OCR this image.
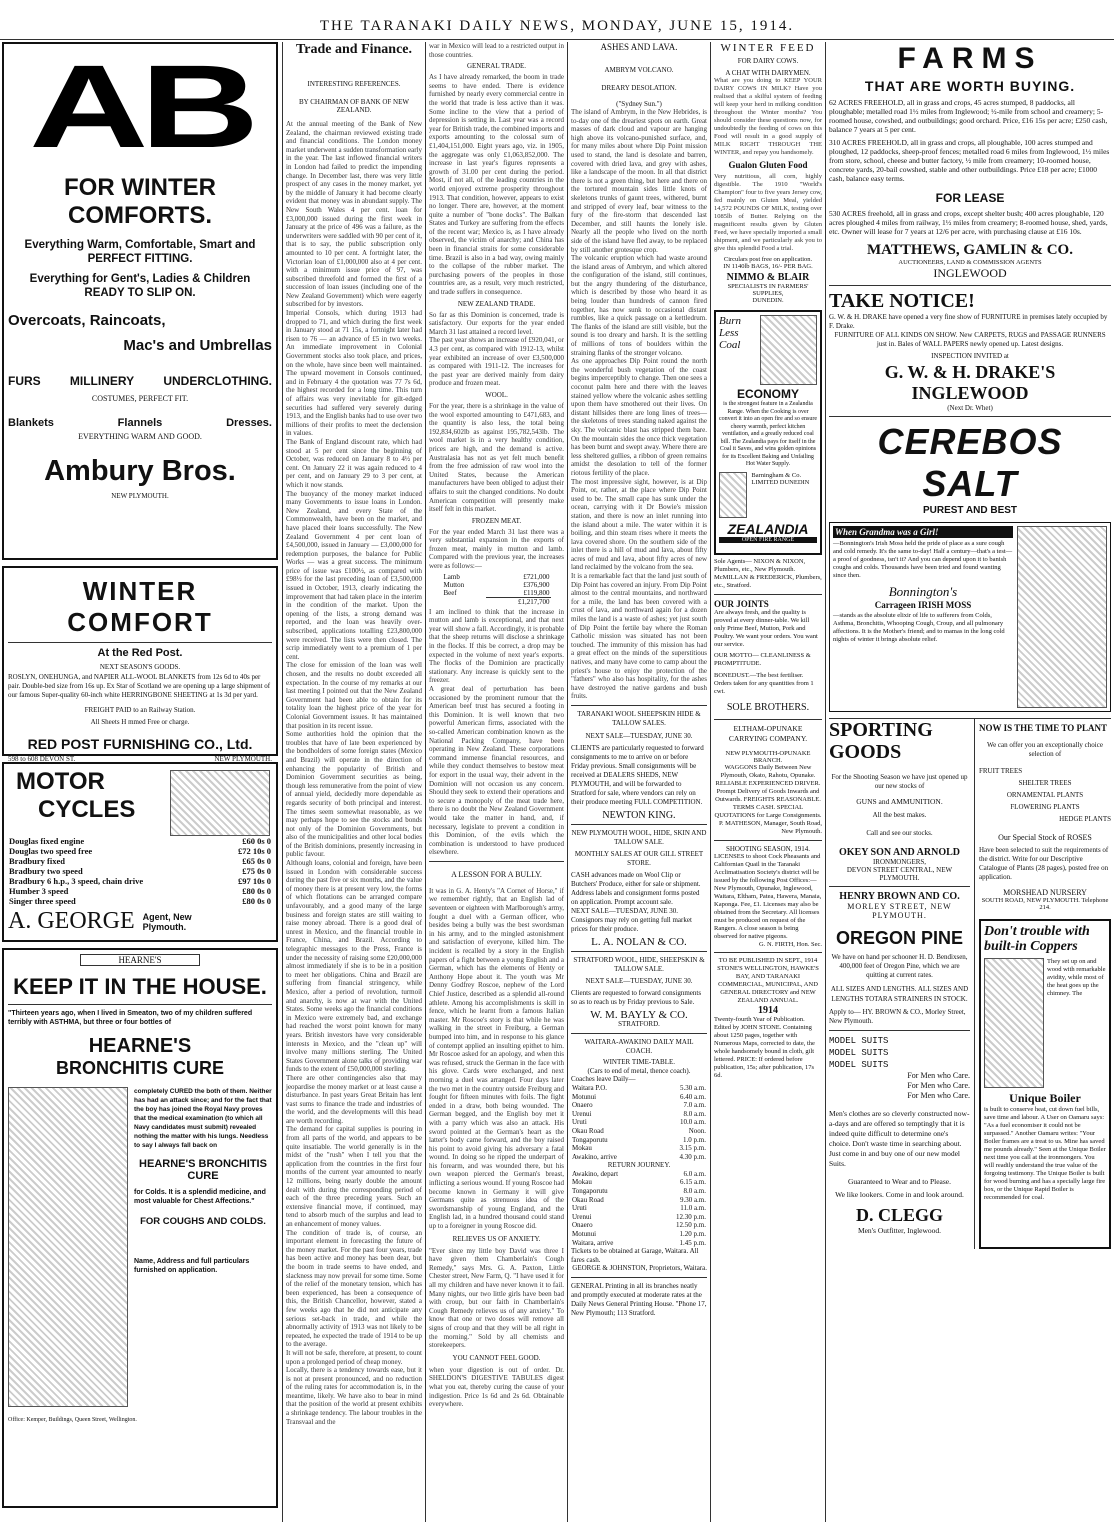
THE TARANAKI DAILY NEWS, MONDAY, JUNE 15, 1914.
AB
FOR WINTER COMFORTS.
Everything Warm, Comfortable, Smart and PERFECT FITTING.
Everything for Gent's, Ladies & Children READY TO SLIP ON.
Overcoats, Raincoats,
Mac's and Umbrellas
FURS MILLINERY UNDERCLOTHING.
COSTUMES, PERFECT FIT.
Blankets	Flannels	Dresses.
EVERYTHING WARM AND GOOD.
Ambury Bros.
NEW PLYMOUTH.
WINTER COMFORT
At the Red Post.
NEXT SEASON'S GOODS.
ROSLYN, ONEHUNGA, and NAPIER ALL-WOOL BLANKETS from 12s 6d to 40s per pair. Double-bed size from 16s up. Ex Star of Scotland we are opening up a large shipment of our famous Super-quality 60-inch white HERRINGBONE SHEETING at 1s 3d per yard.
FREIGHT PAID to an Railway Station.
All Sheets H mmed Free or charge.
RED POST FURNISHING CO., Ltd.
598 to 608 DEVON ST.	NEW PLYMOUTH.
MOTOR
CYCLES
Douglas fixed engine	£60 0s 0
Douglas two speed free	£72 10s 0
Bradbury fixed	£65 0s 0
Bradbury two speed	£75 0s 0
Bradbury 6 h.p., 3 speed, chain drive	£97 10s 0
Humber 3 speed	£80 0s 0
Singer three speed	£80 0s 0
A. GEORGE Agent, New Plymouth.
HEARNE'S
KEEP IT IN THE HOUSE.
"Thirteen years ago, when I lived in Smeaton, two of my children suffered terribly with ASTHMA, but three or four bottles of
HEARNE'S
BRONCHITIS CURE
completely CURED the both of them. Neither has had an attack since; and for the fact that the boy has joined the Royal Navy proves that the medical examination (to which all Navy candidates must submit) revealed nothing the matter with his lungs. Needless to say I always fall back on
HEARNE'S BRONCHITIS CURE
for Colds. It is a splendid medicine, and most valuable for Chest Affections."
FOR COUGHS AND COLDS.
Name, Address and full particulars furnished on application.
Office: Kemper, Buildings, Queen Street, Wellington.
Trade and Finance.
INTERESTING REFERENCES.
BY CHAIRMAN OF BANK OF NEW ZEALAND.
At the annual meeting of the Bank of New Zealand, the chairman reviewed existing trade and financial conditions. The London money market underwent a sudden transformation early in the year. The last inflowed financial writers in London had failed to predict the impending change. In December last, there was very little prospect of any cases in the money market, yet by the middle of January it had become clearly evident that money was in abundant supply. The New South Wales 4 per cent. loan for £3,000,000 issued during the first week in January at the price of 496 was a failure, as the underwriters were saddled with 90 per cent of it, that is to say, the public subscription only amounted to 10 per cent. A fortnight later, the Victorian loan of £1,000,000 also at 4 per cent. with a minimum issue price of 97, was subscribed threefold and formed the first of a succession of loan issues (including one of the New Zealand Government) which were eagerly subscribed for by investors.
Imperial Consols, which during 1913 had dropped to 71, and which during the first week in January stood at 71 15s, a fortnight later had risen to 76 — an advance of £5 in two weeks. An immediate improvement in Colonial Government stocks also took place, and prices, on the whole, have since been well maintained. The upward movement in Consols continued, and in February 4 the quotation was 77 7s 6d, the highest recorded for a long time. This turn of affairs was very inevitable for gilt-edged securities had suffered very severely during 1913, and the English banks had to use over two millions of their profits to meet the declension in values.
The Bank of England discount rate, which had stood at 5 per cent since the beginning of October, was reduced on January 8 to 4½ per cent. On January 22 it was again reduced to 4 per cent, and on January 29 to 3 per cent, at which it now stands.
The buoyancy of the money market induced many Governments to issue loans in London. New Zealand, and every State of the Commonwealth, have been on the market, and have placed their loans successfully. The New Zealand Government 4 per cent loan of £4,500,000, issued in January — £3,000,000 for redemption purposes, the balance for Public Works — was a great success. The minimum price of issue was £100½, as compared with £98½ for the last preceding loan of £3,500,000 issued in October, 1913, clearly indicating the improvement that had taken place in the interim in the condition of the market. Upon the opening of the lists, a strong demand was reported, and the loan was heavily over-subscribed, applications totalling £23,800,000 were received. The lists were then closed. The scrip immediately went to a premium of 1 per cent.
The close for emission of the loan was well chosen, and the results no doubt exceeded all expectation. In the course of my remarks at our last meeting I pointed out that the New Zealand Government had been able to obtain for its totality loan the highest price of the year for Colonial Government issues. It has maintained that position in its recent issue.
Some authorities hold the opinion that the troubles that have of late been experienced by the bondholders of some foreign states (Mexico and Brazil) will operate in the direction of enhancing the popularity of British and Dominion Government securities as being, though less remunerative from the point of view of annual yield, decidedly more dependable as regards security of both principal and interest. The times seem somewhat reasonable, as we may perhaps hope to see the stocks and bonds not only of the Dominion Governments, but also of the municipalities and other local bodies of the British dominions, presently increasing in public favour.
Although loans, colonial and foreign, have been issued in London with considerable success during the past five or six months, and the value of money there is at present very low, the forms of which flotations can be arranged compare unfavourably, and a good many of the large business and foreign states are still waiting to raise money abroad. There is a good deal of unrest in Mexico, and the financial trouble in France, China, and Brazil. According to telegraphic messages to the Press, France is under the necessity of raising some £20,000,000 almost immediately if she is to be in a position to meet her obligations. China and Brazil are suffering from financial stringency, while Mexico, after a period of revolution, turmoil and anarchy, is now at war with the United States. Some weeks ago the financial conditions in Mexico were extremely bad, and exchange had reached the worst point known for many years. British investors have very considerable interests in Mexico, and the "clean up" will involve many millions sterling. The United States Government alone talks of providing war funds to the extent of £50,000,000 sterling.
There are other contingencies also that may jeopardise the money market or at least cause a disturbance. In past years Great Britain has lent vast sums to finance the trade and industries of the world, and the developments will this head are worth recording.
The demand for capital supplies is pouring in from all parts of the world, and appears to be quite insatiable. The world generally is in the midst of the "rush" when I tell you that the application from the countries in the first four months of the current year amounted to nearly 12 millions, being nearly double the amount dealt with during the corresponding period of each of the three preceding years. Such an extensive financial move, if continued, may tend to absorb much of the surplus and lead to an enhancement of money values.
The condition of trade is, of course, an important element in forecasting the future of the money market. For the past four years, trade has been active and money has been dear, but the boom in trade seems to have ended, and slackness may now prevail for some time. Some of the relief of the monetary tension, which has been experienced, has been a consequence of this, the British Chancellor, however, stated a few weeks ago that he did not anticipate any serious set-back in trade, and while the abnormally activity of 1913 was not likely to be repeated, he expected the trade of 1914 to be up to the average.
It will not be safe, therefore, at present, to count upon a prolonged period of cheap money.
Locally, there is a tendency towards ease, but it is not at present pronounced, and no reduction of the ruling rates for accommodation is, in the meantime, likely. We have also to bear in mind that the position of the world at present exhibits a shrinkage tendency. The labour troubles in the Transvaal and the
war in Mexico will lead to a restricted output in those countries.
GENERAL TRADE.
As I have already remarked, the boom in trade seems to have ended. There is evidence furnished by nearly every commercial centre in the world that trade is less active than it was. Some incline to the view that a period of depression is setting in. Last year was a record year for British trade, the combined imports and exports amounting to the colossal sum of £1,404,151,000. Eight years ago, viz. in 1905, the aggregate was only £1,063,852,000. The increase in last year's figures represents a growth of 31.00 per cent during the period. Most, if not all, of the leading countries in the world enjoyed extreme prosperity throughout 1913. That condition, however, appears to exist no longer. There are, however, at the moment quite a number of "bone docks". The Balkan States and Turkey are suffering from the effects of the recent war; Mexico is, as I have already observed, the victim of anarchy; and China has been in financial straits for some considerable time. Brazil is also in a bad way, owing mainly to the collapse of the rubber market. The purchasing powers of the peoples in those countries are, as a result, very much restricted, and trade suffers in consequence.
NEW ZEALAND TRADE.
So far as this Dominion is concerned, trade is satisfactory. Our exports for the year ended March 31 last attained a record level.
The past year shows an increase of £920,041, or 4.3 per cent, as compared with 1912-13, whilst year exhibited an increase of over £3,500,000 as compared with 1911-12. The increases for the past year are derived mainly from dairy produce and frozen meat.
WOOL.
For the year, there is a shrinkage in the value of the wool exported amounting to £471,683, and the quantity is also less, the total being 192,834,602lb as against 195,782,543lb. The wool market is in a very healthy condition, prices are high, and the demand is active. Australasia has not as yet felt much benefit from the free admission of raw wool into the United States, because the American manufacturers have been obliged to adjust their affairs to suit the changed conditions. No doubt American competition will presently make itself felt in this market.
FROZEN MEAT.
For the year ended March 31 last there was a very substantial expansion in the exports of frozen meat, mainly in mutton and lamb. Compared with the previous year, the increases were as follows:—
Lamb	£721,000
Mutton	£376,900
Beef	£119,800
	£1,217,700
I am inclined to think that the increase in mutton and lamb is exceptional, and that next year will show a fall. Accordingly, it is probable that the sheep returns will disclose a shrinkage in the flocks. If this be correct, a drop may be expected in the volume of next year's exports. The flocks of the Dominion are practically stationary. Any increase is quickly sent to the freezer.
A great deal of perturbation has been occasioned by the prominent rumour that the American beef trust has secured a footing in this Dominion. It is well known that two powerful American firms, associated with the so-called American combination known as the National Packing Company, have been operating in New Zealand. These corporations command immense financial resources, and while they conduct themselves to bestow meat for export in the usual way, their advent in the Dominion will not occasion us any concern. Should they seek to extend their operations and to secure a monopoly of the meat trade here, there is no doubt the New Zealand Government would take the matter in hand, and, if necessary, legislate to prevent a condition in this Dominion, of the evils which the combination is understood to have produced elsewhere.
A LESSON FOR A BULLY.
It was in G. A. Henty's "A Cornet of Horse," if we remember rightly, that an English lad of seventeen or eighteen with Marlborough's army, fought a duel with a German officer, who besides being a bully was the best swordsman in his army, and to the mingled astonishment and satisfaction of everyone, killed him. The incident is recalled by a story in the English papers of a fight between a young English and a German, which has the elements of Henty or Anthony Hope about it. The youth was Mr Denny Godfrey Roscoe, nephew of the Lord Chief Justice, described as a splendid all-round athlete. Among his accomplishments is skill in fence, which he learnt from a famous Italian master. Mr Roscoe's story is that while he was walking in the street in Freiburg, a German bumped into him, and in response to his glance of contempt applied an insulting epithet to him. Mr Roscoe asked for an apology, and when this was refused, struck the German in the face with his glove. Cards were exchanged, and next morning a duel was arranged. Four days later the two met in the country outside Freiburg and fought for fifteen minutes with foils. The fight ended in a draw, both being wounded. The German begged, and the English boy met it with a parry which was also an attack. His sword pointed at the German's heart as the latter's body came forward, and the boy raised his point to avoid giving his adversary a fatal wound. In doing so he ripped the underpart of his forearm, and was wounded there, but his own weapon pierced the German's breast, inflicting a serious wound. If young Roscoe had become known in Germany it will give Germans quite as strenuous idea of the swordsmanship of young England, and the English lad, in a hundred thousand could stand up to a foreigner in young Roscoe did.
RELIEVES US OF ANXIETY.
"Ever since my little boy David was three I have given them Chamberlain's Cough Remedy," says Mrs. G. A. Paxton, Little Chester street, New Farm, Q. "I have used it for all my children and have never known it to fail. Many nights, our two little girls have been bad with croup, but our faith in Chamberlain's Cough Remedy relieves us of any anxiety." To know that one or two doses will remove all signs of croup and that they will be all right in the morning." Sold by all chemists and storekeepers.
YOU CANNOT FEEL GOOD.
when your digestion is out of order. Dr. SHELDON'S DIGESTIVE TABULES digest what you eat, thereby curing the cause of your indigestion. Price 1s 6d and 2s 6d. Obtainable everywhere.
ASHES AND LAVA.
AMBRYM VOLCANO.
DREARY DESOLATION.
("Sydney Sun.")
The island of Ambrym, in the New Hebrides, is to-day one of the dreariest spots on earth. Great masses of dark cloud and vapour are hanging high above its volcano-punished surface, and, for many miles about where Dip Point mission used to stand, the land is desolate and barren, covered with dried lava, and grey with ashes, like a landscape of the moon. In all that district there is not a green thing, but here and there on the tortured mountain sides little knots of skeletons trunks of gaunt trees, withered, burnt and stripped of every leaf, bear witness to the fury of the fire-storm that descended last December, and still haunts the lonely isle. Nearly all the people who lived on the north side of the island have fled away, to be replaced by still another grotesque crop.
The volcanic eruption which had waste around the island areas of Ambrym, and which altered the configuration of the island, still continues, but the angry thundering of the disturbance, which is described by those who heard it as being louder than hundreds of cannon fired together, has now sunk to occasional distant rumbles, like a quick passage on a kettledrum. The flanks of the island are still visible, but the sound is too dreary and harsh. It is the settling of millions of tons of boulders within the straining flanks of the stronger volcano.
As one approaches Dip Point round the north the wonderful bush vegetation of the coast begins imperceptibly to change. Then one sees a coconut palm here and there with the leaves stained yellow where the volcanic ashes settling upon them have smothered out their lives. On distant hillsides there are long lines of trees—the skeletons of trees standing naked against the sky. The volcanic blast has stripped them bare. On the mountain sides the once thick vegetation has been burnt and swept away. Where there are less sheltered gullies, a ribbon of green remains amidst the desolation to tell of the former riotous fertility of the place.
The most impressive sight, however, is at Dip Point, or, rather, at the place where Dip Point used to be. The small cape has sunk under the ocean, carrying with it Dr Bowie's mission station, and there is now an inlet running into the island about a mile. The water within it is boiling, and thin steam rises where it meets the lava covered shore. On the southern side of the inlet there is a hill of mud and lava, about fifty acres of mud and lava, about fifty acres of new land reclaimed by the volcano from the sea.
It is a remarkable fact that the land just south of Dip Point has covered an injury. From Dip Point almost to the central mountains, and northward for a mile, the land has been covered with a crust of lava, and northward again for a dozen miles the land is a waste of ashes; yet just south of Dip Point the fertile bay where the Roman Catholic mission was situated has not been touched. The immunity of this mission has had a great effect on the minds of the superstitious natives, and many have come to camp about the priest's house to enjoy the protection of the "fathers" who also has hospitality, for the ashes have destroyed the native gardens and bush fruits.
TARANAKI WOOL SHEEPSKIN HIDE & TALLOW SALES.
NEXT SALE—TUESDAY, JUNE 30.
CLIENTS are particularly requested to forward consignments to me to arrive on or before Friday previous. Small consignments will be received at DEALERS SHEDS, NEW PLYMOUTH, and will be forwarded to Stratford for sale, where vendors can rely on their produce meeting FULL COMPETITION.
NEWTON KING.
NEW PLYMOUTH WOOL, HIDE, SKIN AND TALLOW SALE.
MONTHLY SALES AT OUR GILL STREET STORE.
CASH advances made on Wool Clip or Butchers' Produce, either for sale or shipment. Address labels and consignment forms posted on application. Prompt account sale.
NEXT SALE—TUESDAY, JUNE 30. Consignors may rely on getting full market prices for their produce.
L. A. NOLAN & CO.
STRATFORD WOOL, HIDE, SHEEPSKIN & TALLOW SALE.
NEXT SALE—TUESDAY, JUNE 30.
Clients are requested to forward consignments so as to reach us by Friday previous to Sale.
W. M. BAYLY & CO.
STRATFORD.
WAITARA-AWAKINO DAILY MAIL COACH.
WINTER TIME-TABLE.
(Cars to end of metal, thence coach).
Coaches leave Daily—
Waitara P.O.	5.30 a.m.
Motunui	6.40 a.m.
Onaero	7.0 a.m.
Urenui	8.0 a.m.
Uruti	10.0 a.m.
Okau Road	Noon.
Tongaporutu	1.0 p.m.
Mokau	3.15 p.m.
Awakino, arrive	4.30 p.m.
RETURN JOURNEY.
Awakino, depart	6.0 a.m.
Mokau	6.15 a.m.
Tongaporutu	8.0 a.m.
Okau Road	9.30 a.m.
Uruti	11.0 a.m.
Urenui	12.30 p.m.
Onaero	12.50 p.m.
Motunui	1.20 p.m.
Waitara, arrive	1.45 p.m.
Tickets to be obtained at Garage, Waitara. All fares cash.
GEORGE & JOHNSTON, Proprietors, Waitara.
GENERAL Printing in all its branches neatly and promptly executed at moderate rates at the Daily News General Printing House. "Phone 17, New Plymouth; 113 Stratford.
WINTER FEED
FOR DAIRY COWS.
A CHAT WITH DAIRYMEN.
What are you doing to KEEP YOUR DAIRY COWS IN MILK? Have you realised that a skilful system of feeding will keep your herd in milking condition throughout the Winter months? You should consider these questions now, for undoubtedly the feeding of cows on this Food will result in a good supply of MILK RIGHT THROUGH THE WINTER, and repay you handsomely.
Gualon Gluten Food
Very nutritious, all corn, highly digestible. The 1910 "World's Champion" four to five years Jersey cow, fed mainly on Gluten Meal, yielded 14,572 POUNDS OF MILK, testing over 1085lb of Butter. Relying on the magnificent results given by Gluten Feed, we have specially imported a small shipment, and we particularly ask you to give this splendid Food a trial.
Circulars post free on application.
IN 1140lb BAGS, 16/- PER BAG.
NIMMO & BLAIR
SPECIALISTS IN FARMERS' SUPPLIES,
DUNEDIN.
Burn Less Coal
ECONOMY
is the strongest feature in a Zealandia Range. When the Cooking is over convert it into an open fire and so ensure cheery warmth, perfect kitchen ventilation, and a greatly reduced coal bill. The Zealandia pays for itself in the Coal it Saves, and wins golden opinions for its Excellent Baking and Unfailing Hot Water Supply.
Barningham & Co. LIMITED DUNEDIN
ZEALANDIA
OPEN FIRE RANGE
Sole Agents— NIXON & NIXON, Plumbers, etc., New Plymouth. McMILLAN & FREDERICK, Plumbers, etc., Stratford.
OUR JOINTS
Are always fresh, and the quality is proved at every dinner-table. We kill only Prime Beef, Mutton, Pork and Poultry. We want your orders. You want our service.
OUR MOTTO— CLEANLINESS & PROMPTITUDE.
BONEDUST.—The best fertiliser. Orders taken for any quantities from 1 cwt.
SOLE BROTHERS.
ELTHAM-OPUNAKE CARRYING COMPANY.
NEW PLYMOUTH-OPUNAKE BRANCH.
WAGGONS Daily Between New Plymouth, Okato, Rahotu, Opunake. RELIABLE EXPERIENCED DRIVER. Prompt Delivery of Goods Inwards and Outwards. FREIGHTS REASONABLE. TERMS CASH. SPECIAL QUOTATIONS for Large Consignments.
P. MATHESON, Manager, South Road, New Plymouth.
SHOOTING SEASON, 1914.
LICENSES to shoot Cock Pheasants and Californian Quail in the Taranaki Acclimatisation Society's district will be issued by the following Post Offices:—New Plymouth, Opunake, Inglewood, Waitara, Eltham, Patea, Hawera, Manaia, Kaponga. Fee, £1. Licenses may also be obtained from the Secretary. All licenses must be produced on request of the Rangers. A close season is being observed for native pigeons.
G. N. FIRTH, Hon. Sec.
TO BE PUBLISHED IN SEPT., 1914
STONE'S WELLINGTON, HAWKE'S BAY, AND TARANAKI
COMMERCIAL, MUNICIPAL, AND GENERAL DIRECTORY and NEW ZEALAND ANNUAL.
1914
Twenty-fourth Year of Publication. Edited by JOHN STONE. Containing about 1250 pages, together with Numerous Maps, corrected to date, the whole handsomely bound in cloth, gilt lettered. PRICE: If ordered before publication, 15s; after publication, 17s 6d.
FARMS
THAT ARE WORTH BUYING.
62 ACRES FREEHOLD, all in grass and crops, 45 acres stumped, 8 paddocks, all ploughable; metalled road 1½ miles from Inglewood; ½-mile from school and creamery; 5-roomed house, cowshed, and outbuildings; good orchard. Price, £16 15s per acre; £250 cash, balance 7 years at 5 per cent.
310 ACRES FREEHOLD, all in grass and crops, all ploughable, 100 acres stumped and ploughed, 12 paddocks, sheep-proof fences; metalled road 6 miles from Inglewood, 1½ miles from store, school, cheese and butter factory, ½ mile from creamery; 10-roomed house, concrete yards, 20-bail cowshed, stable and other outbuildings. Price £18 per acre; £1000 cash, balance easy terms.
FOR LEASE
530 ACRES freehold, all in grass and crops, except shelter bush; 400 acres ploughable, 120 acres ploughed 4 miles from railway, 1½ miles from creamery; 8-roomed house, shed, yards, etc. Owner will lease for 7 years at 12/6 per acre, with purchasing clause at £16 10s.
MATTHEWS, GAMLIN & CO.
AUCTIONEERS, LAND & COMMISSION AGENTS
INGLEWOOD
TAKE NOTICE!
G. W. & H. DRAKE have opened a very fine show of FURNITURE in premises lately occupied by F. Drake.
FURNITURE OF ALL KINDS ON SHOW. New CARPETS, RUGS and PASSAGE RUNNERS just in. Bales of WALL PAPERS newly opened up. Latest designs.
INSPECTION INVITED at
G. W. & H. DRAKE'S
INGLEWOOD
(Next Dr. Whet)
CEREBOS SALT
PUREST AND BEST
When Grandma was a Girl!
—Bonnington's Irish Moss held the pride of place as a sure cough and cold remedy. It's the same to-day! Half a century—that's a test—a proof of goodness, isn't it? And you can depend upon it to banish coughs and colds. Thousands have been tried and found wanting since then.
Bonnington's
Carrageen IRISH MOSS
—stands as the absolute elixir of life to sufferers from Colds, Asthma, Bronchitis, Whooping Cough, Croup, and all pulmonary affections. It is the Mother's friend; and to mamas in the long cold nights of winter it brings absolute relief.
SPORTING GOODS
For the Shooting Season we have just opened up our new stocks of
GUNS and AMMUNITION.
All the best makes.
Call and see our stocks.
OKEY SON AND ARNOLD
IRONMONGERS,
DEVON STREET CENTRAL, NEW PLYMOUTH.
HENRY BROWN AND CO.
MORLEY STREET, NEW PLYMOUTH.
OREGON PINE
We have on hand per schooner H. D. Bendixsen, 400,000 feet of Oregon Pine, which we are quitting at current rates.
ALL SIZES AND LENGTHS. ALL SIZES AND LENGTHS TOTARA STRAINERS IN STOCK.
Apply to— HY. BROWN & CO., Morley Street, New Plymouth.
MODEL SUITS
MODEL SUITS
MODEL SUITS
For Men who Care.
For Men who Care.
For Men who Care.
Men's clothes are so cleverly constructed now-a-days and are offered so temptingly that it is indeed quite difficult to determine one's choice. Don't waste time in searching about. Just come in and buy one of our new model Suits.
Guaranteed to Wear and to Please.
We like lookers. Come in and look around.
D. CLEGG
Men's Outfitter, Inglewood.
NOW IS THE TIME TO PLANT
We can offer you an exceptionally choice selection of
FRUIT TREES
SHELTER TREES
ORNAMENTAL PLANTS
FLOWERING PLANTS
HEDGE PLANTS
Our Special Stock of ROSES
Have been selected to suit the requirements of the district. Write for our Descriptive Catalogue of Plants (28 pages), posted free on application.
MORSHEAD NURSERY
SOUTH ROAD, NEW PLYMOUTH. Telephone 214.
Don't trouble with built-in Coppers
They set up on and wood with remarkable avidity, while most of the heat goes up the chimney. The
Unique Boiler
is built to conserve heat, cut down fuel bills, save time and labour. A User on Oamaru says: "As a fuel economiser it could not be surpassed." Another Oamaru writes: "Your Boiler frames are a treat to us. Mine has saved me pounds already." Seen at the Unique Boiler next time you call at the ironmongers. You will readily understand the true value of the forgoing testimony. The Unique Boiler is built for wood burning and has a specially large fire box, or the Unique Rapid Boiler is recommended for coal.
